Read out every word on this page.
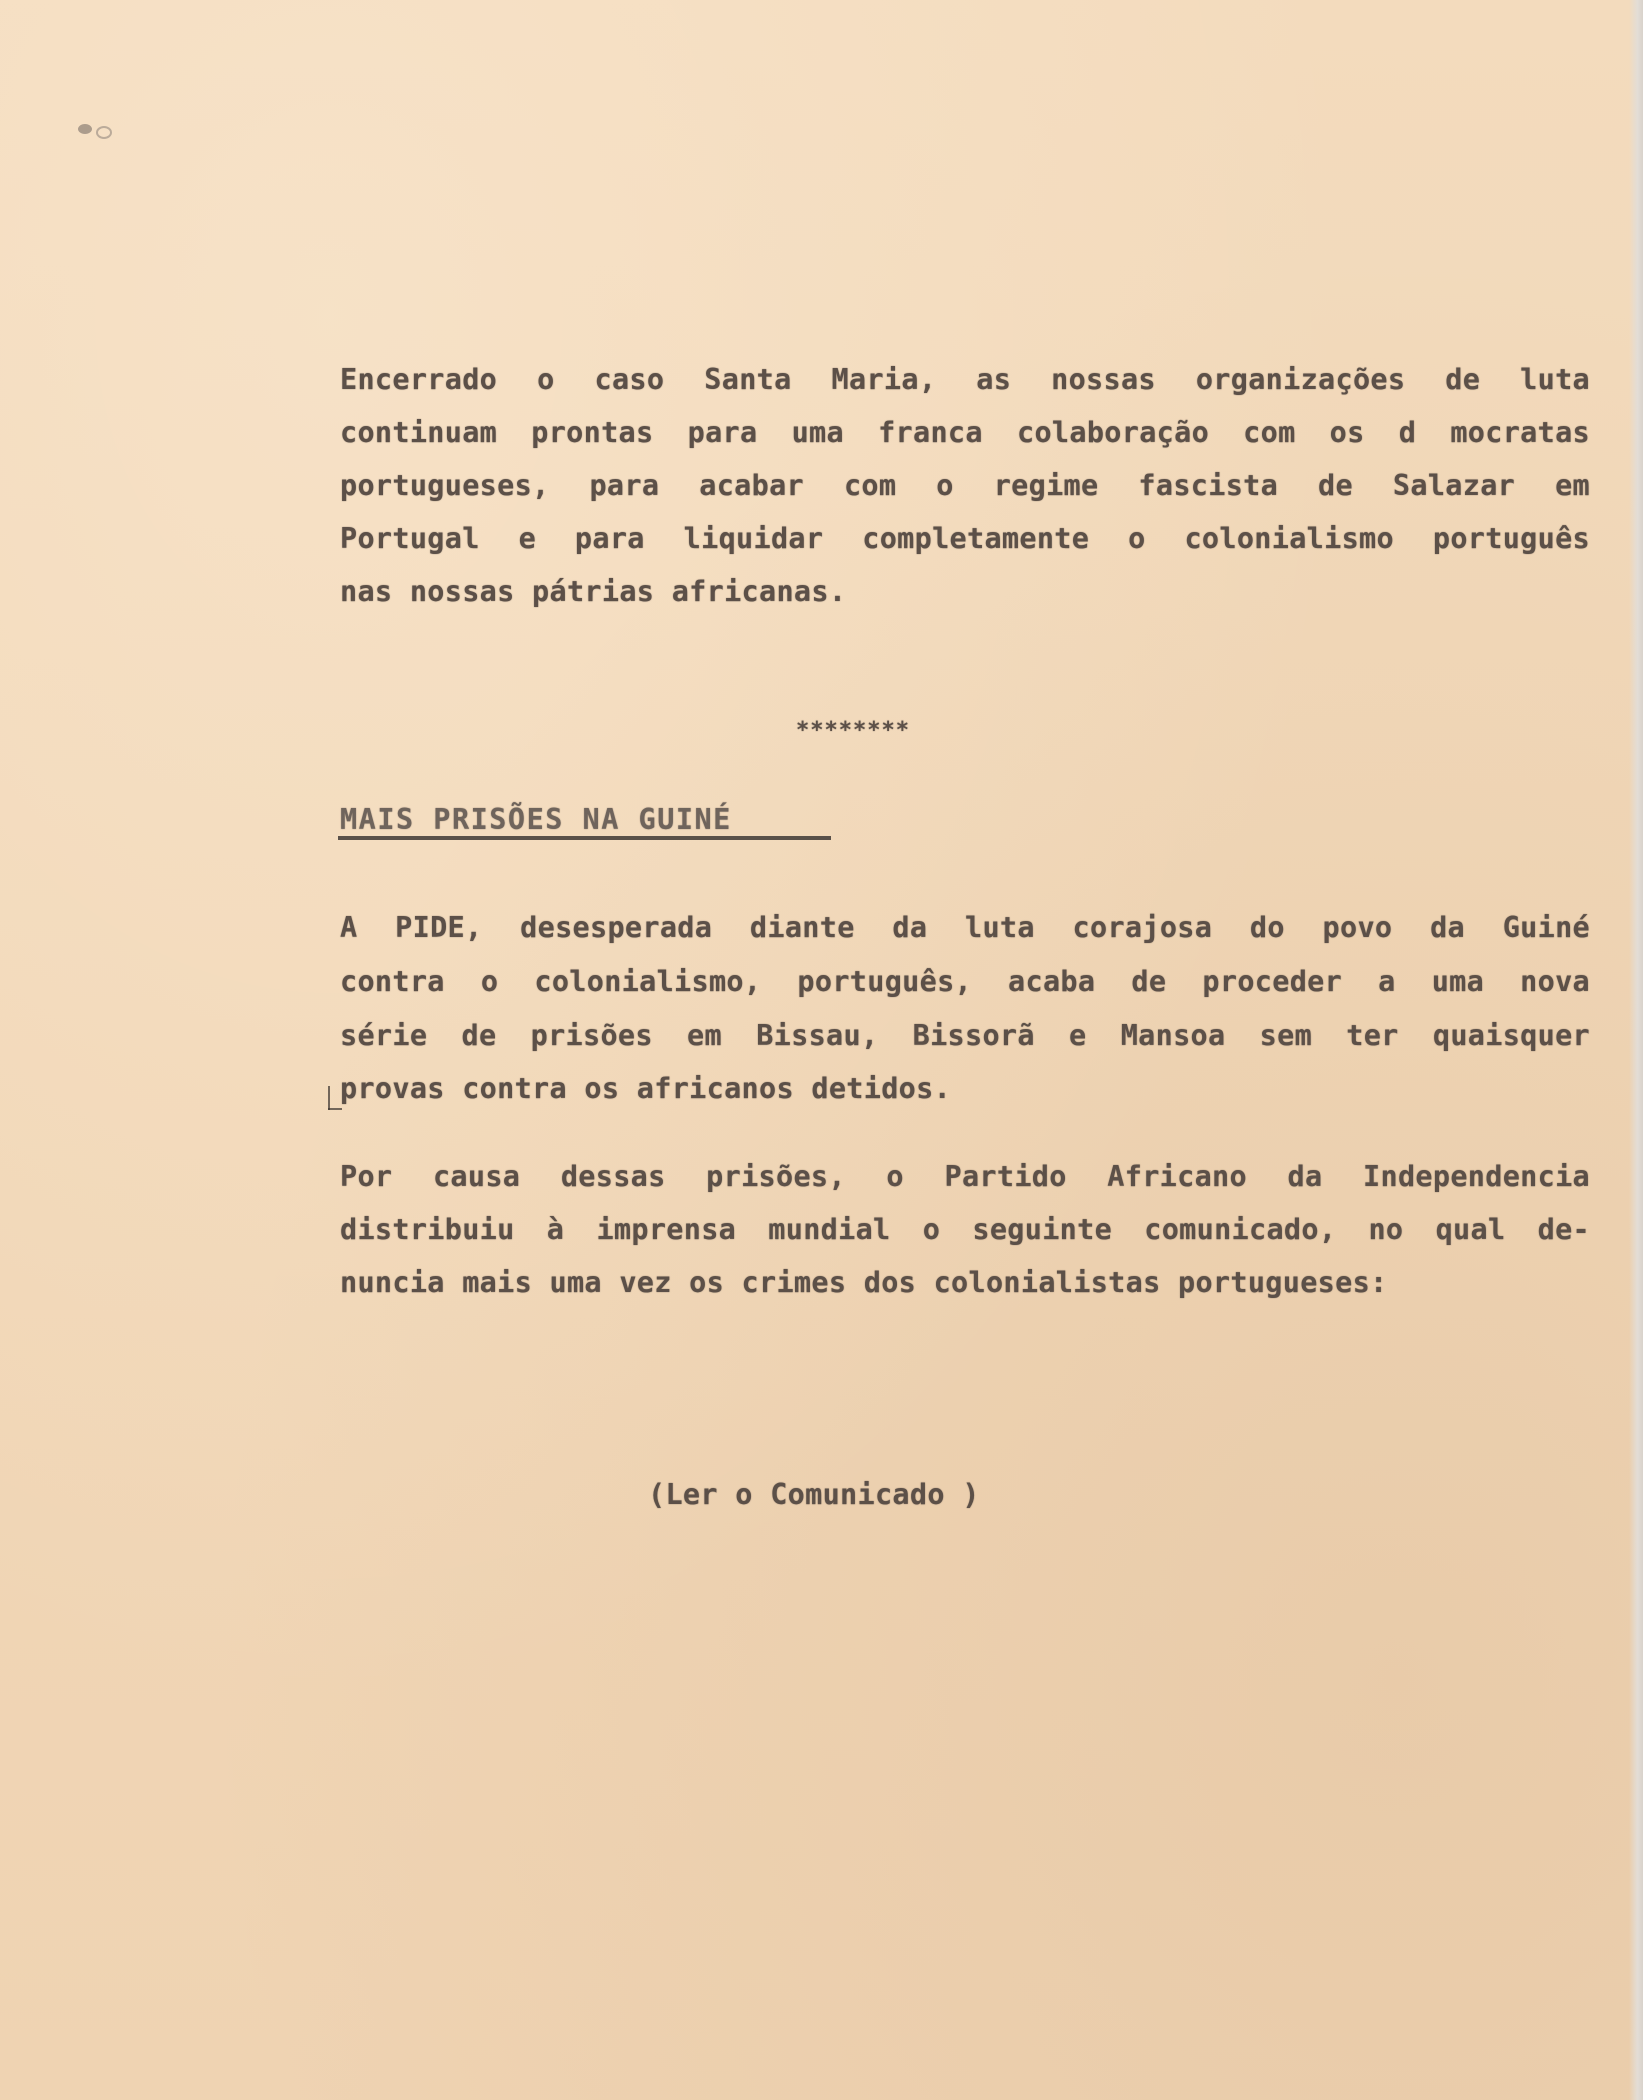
Encerrado o caso Santa Maria, as nossas organizações de luta
continuam prontas para uma franca colaboração com os d mocratas
portugueses, para acabar com o regime fascista de Salazar em
Portugal e para liquidar completamente o colonialismo português
nas nossas pátrias africanas.
********
MAIS PRISÕES NA GUINÉ
A PIDE, desesperada diante da luta corajosa do povo da Guiné
contra o colonialismo, português, acaba de proceder a uma nova
série de prisões em Bissau, Bissorã e Mansoa sem ter quaisquer
provas contra os africanos detidos.
Por causa dessas prisões, o Partido Africano da Independencia
distribuiu à imprensa mundial o seguinte comunicado, no qual de-
nuncia mais uma vez os crimes dos colonialistas portugueses:
(Ler o Comunicado )
